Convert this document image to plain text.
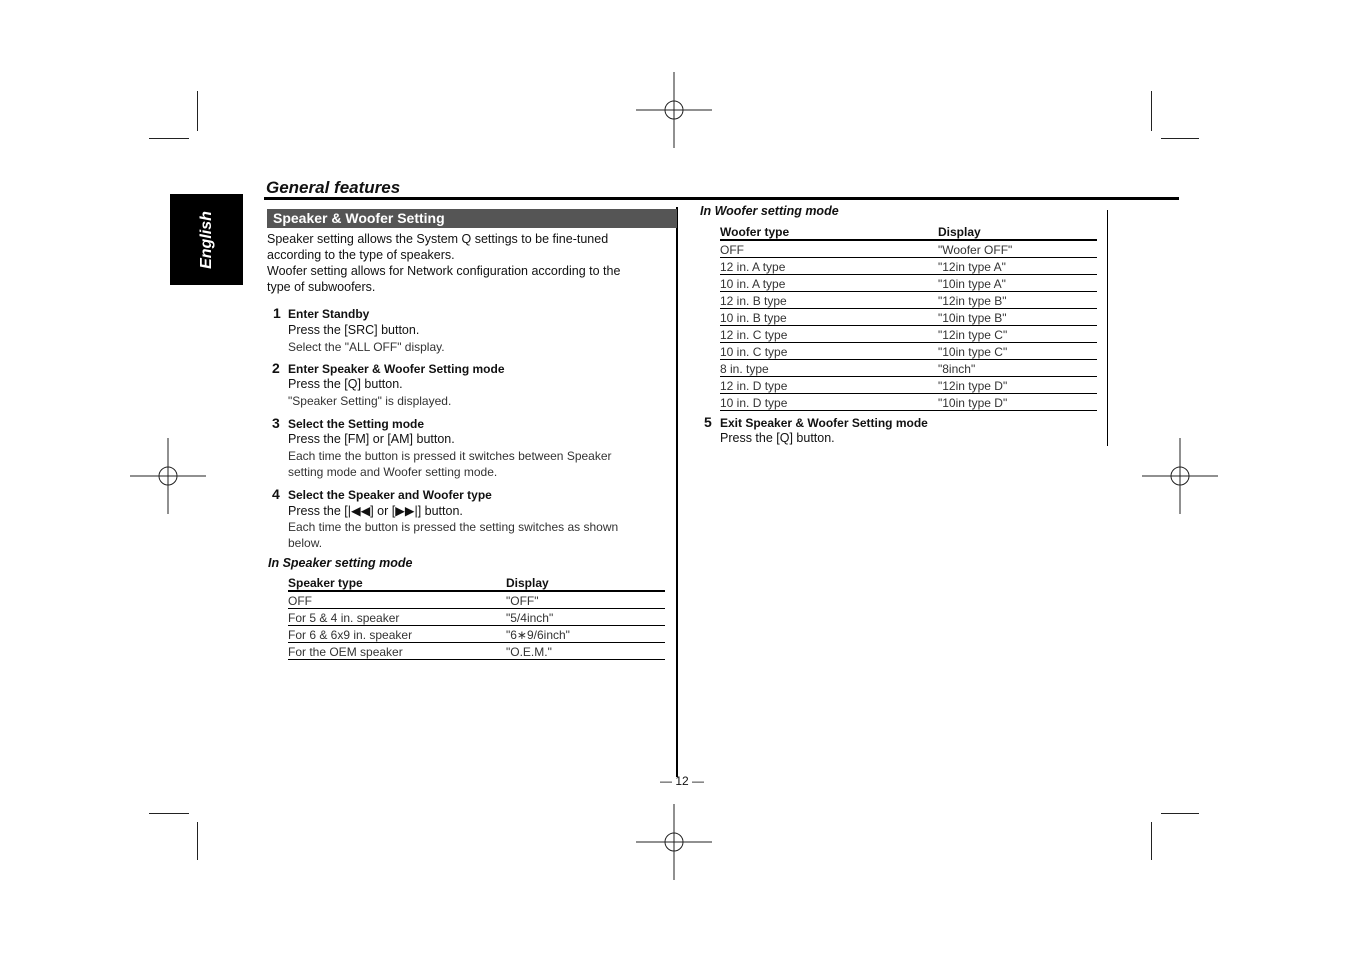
English
General features
Speaker & Woofer Setting
Speaker setting allows the System Q settings to be fine-tuned
according to the type of speakers.
Woofer setting allows for Network configuration according to the
type of subwoofers.
1 Enter Standby
Press the [SRC] button.
Select the "ALL OFF" display.
2 Enter Speaker & Woofer Setting mode
Press the [Q] button.
"Speaker Setting" is displayed.
3 Select the Setting mode
Press the [FM] or [AM] button.
Each time the button is pressed it switches between Speaker
setting mode and Woofer setting mode.
4 Select the Speaker and Woofer type
Press the [|◀◀] or [▶▶|] button.
Each time the button is pressed the setting switches as shown
below.
In Speaker setting mode
Speaker type	Display
OFF	"OFF"
For 5 & 4 in. speaker	"5/4inch"
For 6 & 6x9 in. speaker	"6∗9/6inch"
For the OEM speaker	"O.E.M."
In Woofer setting mode
Woofer type	Display
OFF	"Woofer OFF"
12 in. A type	"12in type A"
10 in. A type	"10in type A"
12 in. B type	"12in type B"
10 in. B type	"10in type B"
12 in. C type	"12in type C"
10 in. C type	"10in type C"
8 in. type	"8inch"
12 in. D type	"12in type D"
10 in. D type	"10in type D"
5 Exit Speaker & Woofer Setting mode
Press the [Q] button.
— 12 —
